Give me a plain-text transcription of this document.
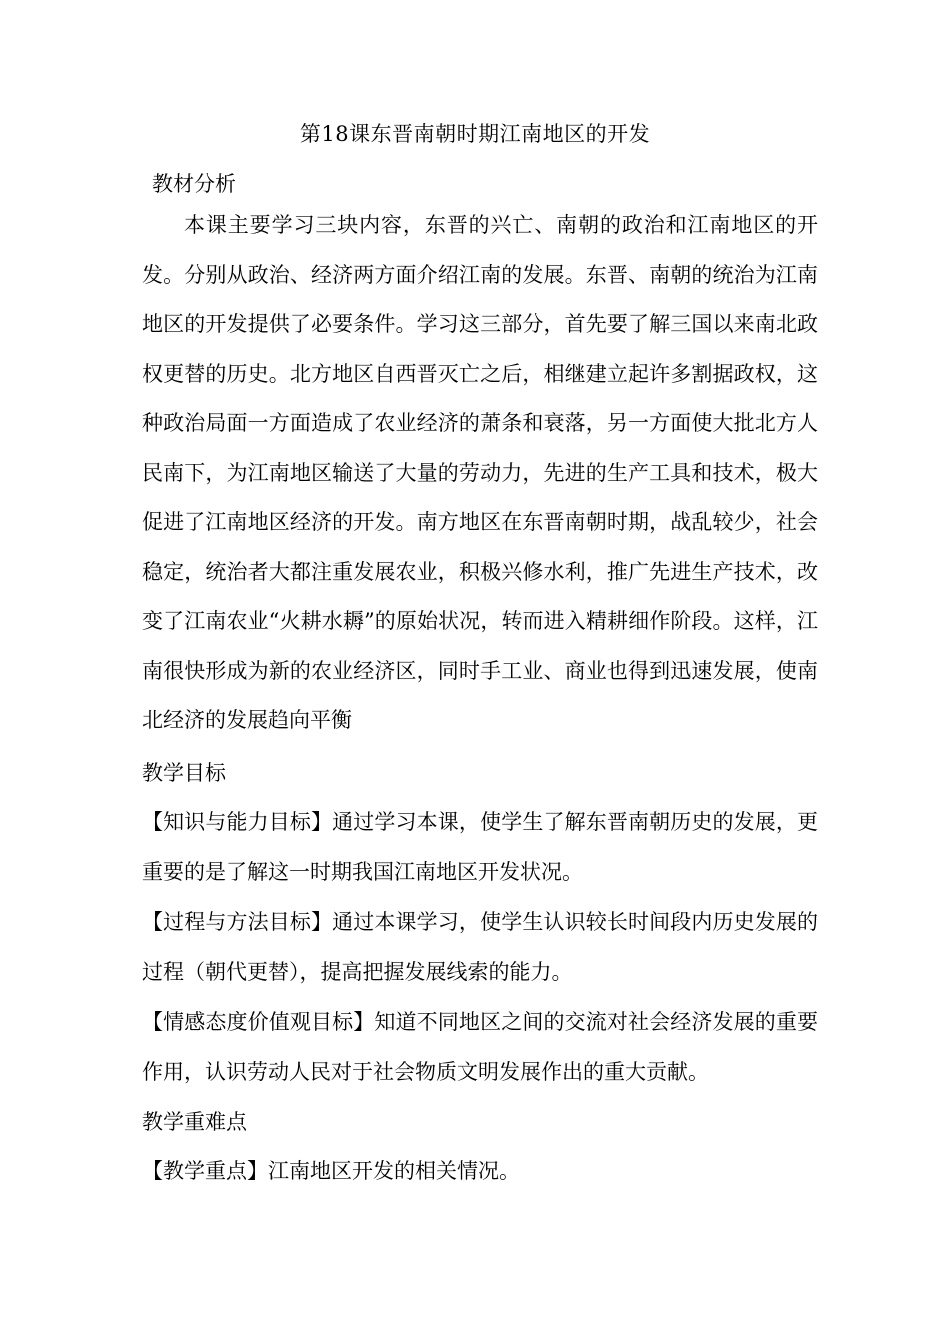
第18课东晋南朝时期江南地区的开发
教材分析

本课主要学习三块内容，东晋的兴亡、南朝的政治和江南地区的开发。分别从政治、经济两方面介绍江南的发展。东晋、南朝的统治为江南地区的开发提供了必要条件。学习这三部分，首先要了解三国以来南北政权更替的历史。北方地区自西晋灭亡之后，相继建立起许多割据政权，这种政治局面一方面造成了农业经济的萧条和衰落，另一方面使大批北方人民南下，为江南地区输送了大量的劳动力，先进的生产工具和技术，极大促进了江南地区经济的开发。南方地区在东晋南朝时期，战乱较少，社会稳定，统治者大都注重发展农业，积极兴修水利，推广先进生产技术，改变了江南农业“火耕水耨”的原始状况，转而进入精耕细作阶段。这样，江南很快形成为新的农业经济区，同时手工业、商业也得到迅速发展，使南北经济的发展趋向平衡

教学目标

【知识与能力目标】通过学习本课，使学生了解东晋南朝历史的发展，更重要的是了解这一时期我国江南地区开发状况。

【过程与方法目标】通过本课学习，使学生认识较长时间段内历史发展的过程（朝代更替），提高把握发展线索的能力。

【情感态度价值观目标】知道不同地区之间的交流对社会经济发展的重要作用，认识劳动人民对于社会物质文明发展作出的重大贡献。

教学重难点

【教学重点】江南地区开发的相关情况。
